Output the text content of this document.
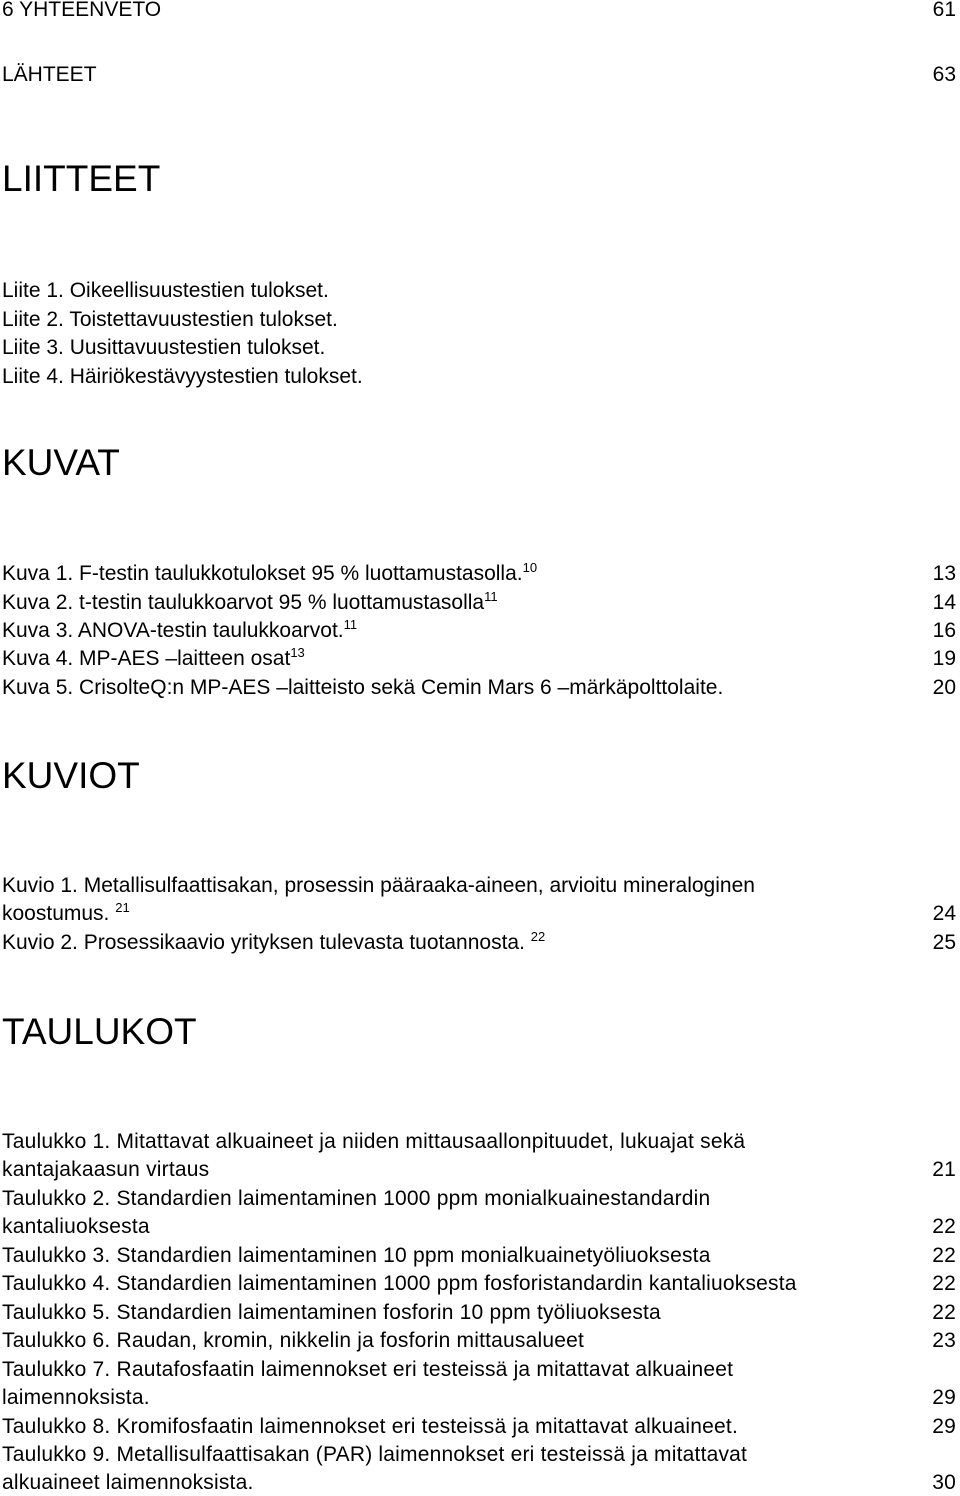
6 YHTEENVETO	61
LÄHTEET	63
LIITTEET
Liite 1. Oikeellisuustestien tulokset.
Liite 2. Toistettavuustestien tulokset.
Liite 3. Uusittavuustestien tulokset.
Liite 4. Häiriökestävyystestien tulokset.
KUVAT
Kuva 1. F-testin taulukkotulokset 95 % luottamustasolla.$^{10}$	13
Kuva 2. t-testin taulukkoarvot 95 % luottamustasolla$^{11}$	14
Kuva 3. ANOVA-testin taulukkoarvot.$^{11}$	16
Kuva 4. MP-AES –laitteen osat$^{13}$	19
Kuva 5. CrisolteQ:n MP-AES –laitteisto sekä Cemin Mars 6 –märkäpolttolaite.	20
KUVIOT
Kuvio 1. Metallisulfaattisakan, prosessin pääraaka-aineen, arvioitu mineraloginen
koostumus. $^{21}$	24
Kuvio 2. Prosessikaavio yrityksen tulevasta tuotannosta. $^{22}$	25
TAULUKOT
Taulukko 1. Mitattavat alkuaineet ja niiden mittausaallonpituudet, lukuajat sekä
kantajakaasun virtaus	21
Taulukko 2. Standardien laimentaminen 1000 ppm monialkuainestandardin
kantaliuoksesta	22
Taulukko 3. Standardien laimentaminen 10 ppm monialkuainetyöliuoksesta	22
Taulukko 4. Standardien laimentaminen 1000 ppm fosforistandardin kantaliuoksesta	22
Taulukko 5. Standardien laimentaminen fosforin 10 ppm työliuoksesta	22
Taulukko 6. Raudan, kromin, nikkelin ja fosforin mittausalueet	23
Taulukko 7. Rautafosfaatin laimennokset eri testeissä ja mitattavat alkuaineet
laimennoksista.	29
Taulukko 8. Kromifosfaatin laimennokset eri testeissä ja mitattavat alkuaineet.	29
Taulukko 9. Metallisulfaattisakan (PAR) laimennokset eri testeissä ja mitattavat
alkuaineet laimennoksista.	30
